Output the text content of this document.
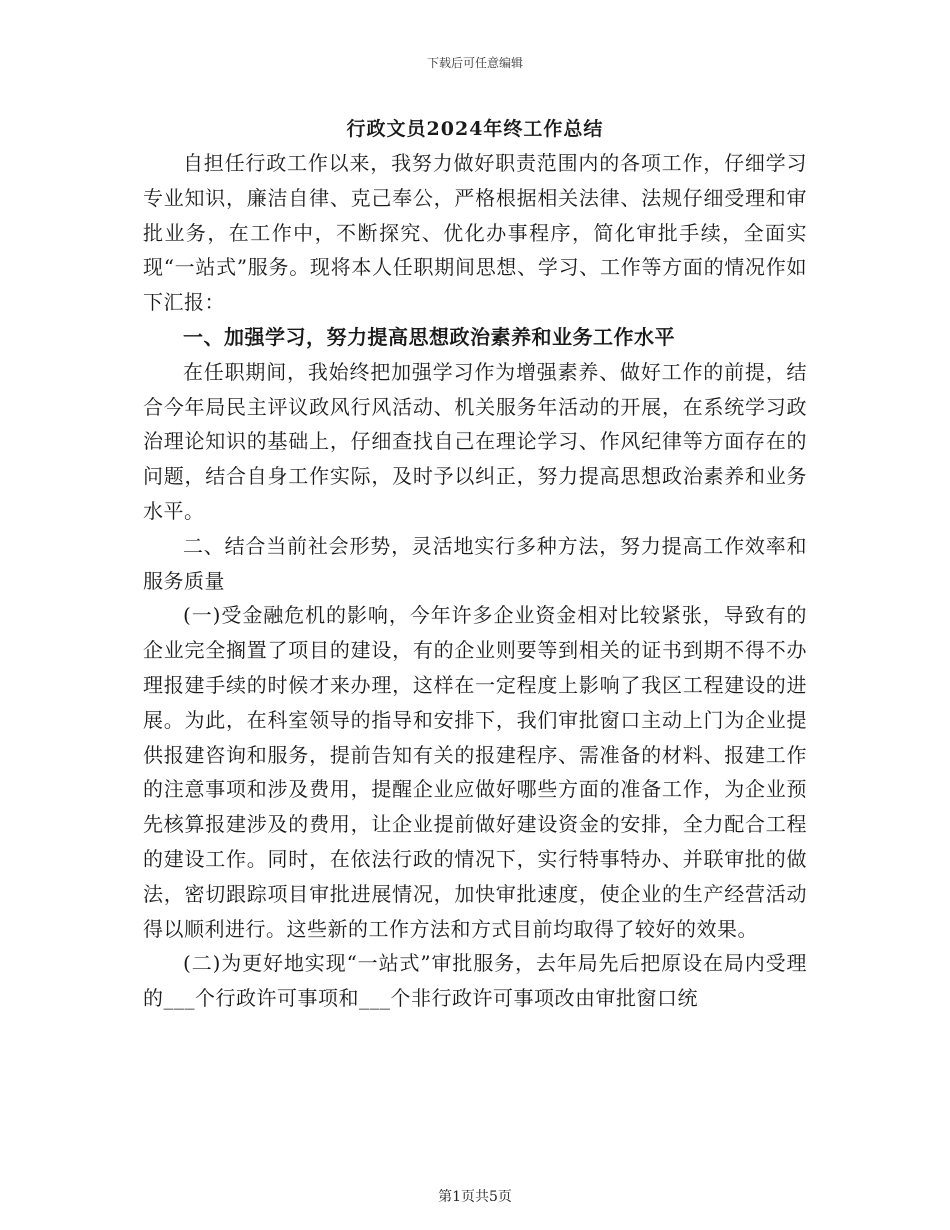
下载后可任意编辑
行政文员2024年终工作总结

自担任行政工作以来，我努力做好职责范围内的各项工作，仔细学习专业知识，廉洁自律、克己奉公，严格根据相关法律、法规仔细受理和审批业务，在工作中，不断探究、优化办事程序，简化审批手续，全面实现“一站式”服务。现将本人任职期间思想、学习、工作等方面的情况作如下汇报：

一、加强学习，努力提高思想政治素养和业务工作水平

在任职期间，我始终把加强学习作为增强素养、做好工作的前提，结合今年局民主评议政风行风活动、机关服务年活动的开展，在系统学习政治理论知识的基础上，仔细查找自己在理论学习、作风纪律等方面存在的问题，结合自身工作实际，及时予以纠正，努力提高思想政治素养和业务水平。

二、结合当前社会形势，灵活地实行多种方法，努力提高工作效率和服务质量

(一)受金融危机的影响，今年许多企业资金相对比较紧张，导致有的企业完全搁置了项目的建设，有的企业则要等到相关的证书到期不得不办理报建手续的时候才来办理，这样在一定程度上影响了我区工程建设的进展。为此，在科室领导的指导和安排下，我们审批窗口主动上门为企业提供报建咨询和服务，提前告知有关的报建程序、需准备的材料、报建工作的注意事项和涉及费用，提醒企业应做好哪些方面的准备工作，为企业预先核算报建涉及的费用，让企业提前做好建设资金的安排，全力配合工程的建设工作。同时，在依法行政的情况下，实行特事特办、并联审批的做法，密切跟踪项目审批进展情况，加快审批速度，使企业的生产经营活动得以顺利进行。这些新的工作方法和方式目前均取得了较好的效果。

(二)为更好地实现“一站式”审批服务，去年局先后把原设在局内受理的___个行政许可事项和___个非行政许可事项改由审批窗口统

第1页共5页
